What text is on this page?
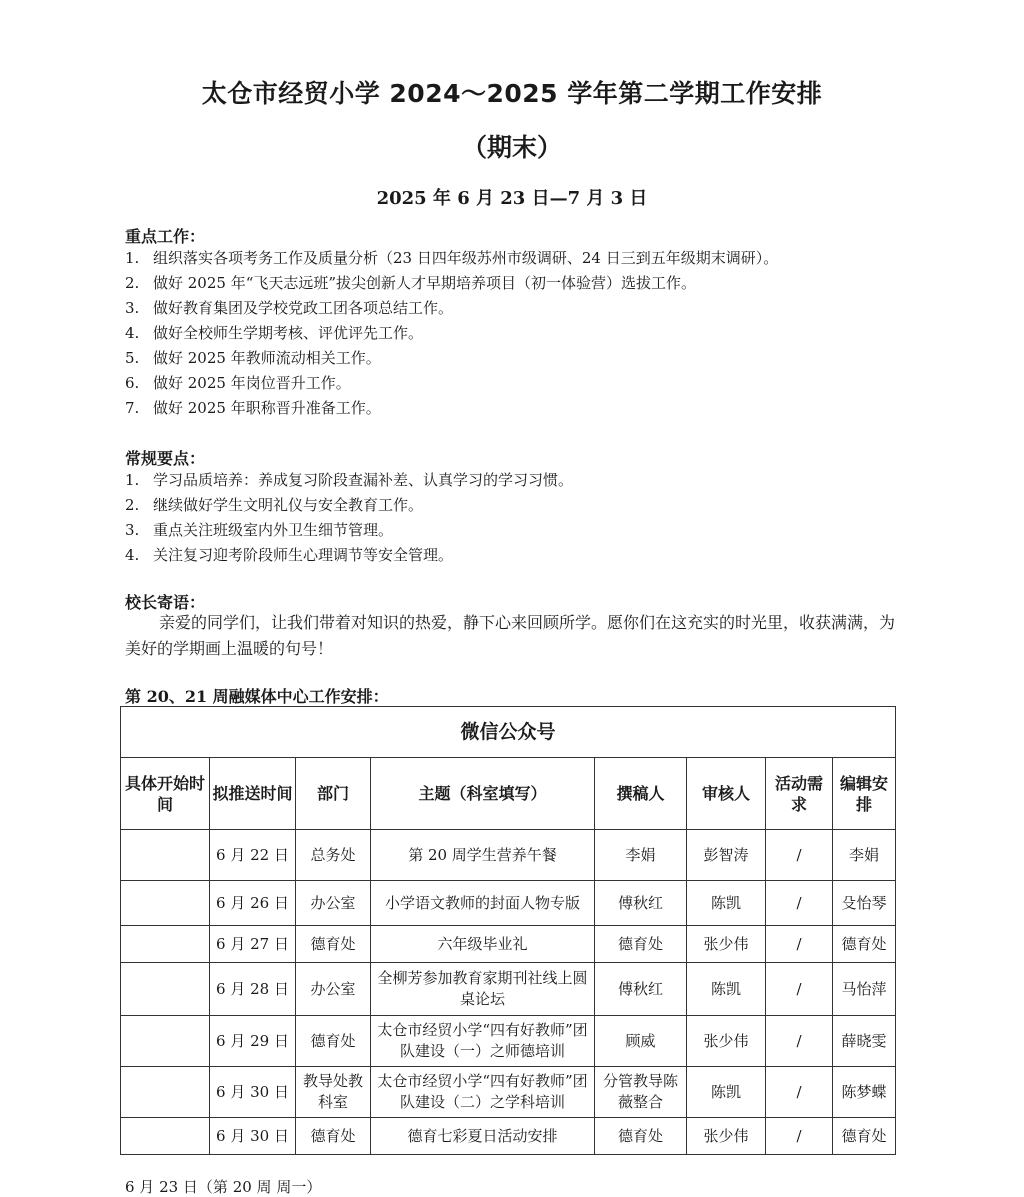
太仓市经贸小学 2024～2025 学年第二学期工作安排
（期末）

2025 年 6 月 23 日—7 月 3 日

重点工作：

1. 组织落实各项考务工作及质量分析（23 日四年级苏州市级调研、24 日三到五年级期末调研）。
2. 做好 2025 年“飞天志远班”拔尖创新人才早期培养项目（初一体验营）选拔工作。
3. 做好教育集团及学校党政工团各项总结工作。
4. 做好全校师生学期考核、评优评先工作。
5. 做好 2025 年教师流动相关工作。
6. 做好 2025 年岗位晋升工作。
7. 做好 2025 年职称晋升准备工作。

常规要点：

1. 学习品质培养：养成复习阶段查漏补差、认真学习的学习习惯。
2. 继续做好学生文明礼仪与安全教育工作。
3. 重点关注班级室内外卫生细节管理。
4. 关注复习迎考阶段师生心理调节等安全管理。

校长寄语：

亲爱的同学们，让我们带着对知识的热爱，静下心来回顾所学。愿你们在这充实的时光里，收获满满，为美好的学期画上温暖的句号！

第 20、21 周融媒体中心工作安排：

微信公众号							
具体开始时间	拟推送时间	部门	主题（科室填写）	撰稿人	审核人	活动需求	编辑安排
	6 月 22 日	总务处	第 20 周学生营养午餐	李娟	彭智涛	/	李娟
	6 月 26 日	办公室	小学语文教师的封面人物专版	傅秋红	陈凯	/	殳怡琴
	6 月 27 日	德育处	六年级毕业礼	德育处	张少伟	/	德育处
	6 月 28 日	办公室	全柳芳参加教育家期刊社线上圆桌论坛	傅秋红	陈凯	/	马怡萍
	6 月 29 日	德育处	太仓市经贸小学“四有好教师”团队建设（一）之师德培训	顾威	张少伟	/	薛晓雯
	6 月 30 日	教导处教科室	太仓市经贸小学“四有好教师”团队建设（二）之学科培训	分管教导陈薇整合	陈凯	/	陈梦蝶
	6 月 30 日	德育处	德育七彩夏日活动安排	德育处	张少伟	/	德育处

6 月 23 日（第 20 周 周一）
